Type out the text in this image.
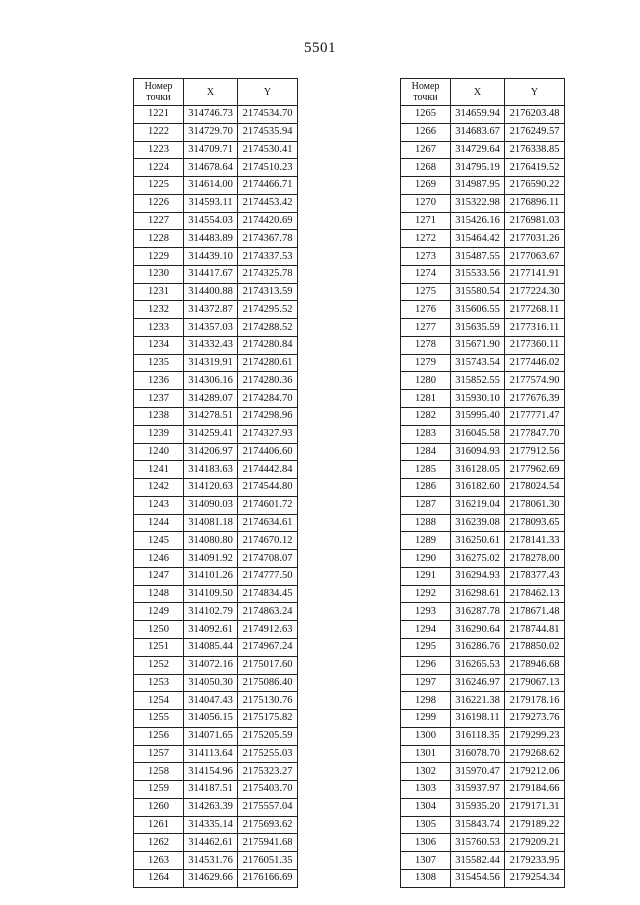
5501
Номер
точки	X	Y
1221	314746.73	2174534.70
1222	314729.70	2174535.94
1223	314709.71	2174530.41
1224	314678.64	2174510.23
1225	314614.00	2174466.71
1226	314593.11	2174453.42
1227	314554.03	2174420.69
1228	314483.89	2174367.78
1229	314439.10	2174337.53
1230	314417.67	2174325.78
1231	314400.88	2174313.59
1232	314372.87	2174295.52
1233	314357.03	2174288.52
1234	314332.43	2174280.84
1235	314319.91	2174280.61
1236	314306.16	2174280.36
1237	314289.07	2174284.70
1238	314278.51	2174298.96
1239	314259.41	2174327.93
1240	314206.97	2174406.60
1241	314183.63	2174442.84
1242	314120.63	2174544.80
1243	314090.03	2174601.72
1244	314081.18	2174634.61
1245	314080.80	2174670.12
1246	314091.92	2174708.07
1247	314101.26	2174777.50
1248	314109.50	2174834.45
1249	314102.79	2174863.24
1250	314092.61	2174912.63
1251	314085.44	2174967.24
1252	314072.16	2175017.60
1253	314050.30	2175086.40
1254	314047.43	2175130.76
1255	314056.15	2175175.82
1256	314071.65	2175205.59
1257	314113.64	2175255.03
1258	314154.96	2175323.27
1259	314187.51	2175403.70
1260	314263.39	2175557.04
1261	314335.14	2175693.62
1262	314462.61	2175941.68
1263	314531.76	2176051.35
1264	314629.66	2176166.69
Номер
точки	X	Y
1265	314659.94	2176203.48
1266	314683.67	2176249.57
1267	314729.64	2176338.85
1268	314795.19	2176419.52
1269	314987.95	2176590.22
1270	315322.98	2176896.11
1271	315426.16	2176981.03
1272	315464.42	2177031.26
1273	315487.55	2177063.67
1274	315533.56	2177141.91
1275	315580.54	2177224.30
1276	315606.55	2177268.11
1277	315635.59	2177316.11
1278	315671.90	2177360.11
1279	315743.54	2177446.02
1280	315852.55	2177574.90
1281	315930.10	2177676.39
1282	315995.40	2177771.47
1283	316045.58	2177847.70
1284	316094.93	2177912.56
1285	316128.05	2177962.69
1286	316182.60	2178024.54
1287	316219.04	2178061.30
1288	316239.08	2178093.65
1289	316250.61	2178141.33
1290	316275.02	2178278.00
1291	316294.93	2178377.43
1292	316298.61	2178462.13
1293	316287.78	2178671.48
1294	316290.64	2178744.81
1295	316286.76	2178850.02
1296	316265.53	2178946.68
1297	316246.97	2179067.13
1298	316221.38	2179178.16
1299	316198.11	2179273.76
1300	316118.35	2179299.23
1301	316078.70	2179268.62
1302	315970.47	2179212.06
1303	315937.97	2179184.66
1304	315935.20	2179171.31
1305	315843.74	2179189.22
1306	315760.53	2179209.21
1307	315582.44	2179233.95
1308	315454.56	2179254.34
